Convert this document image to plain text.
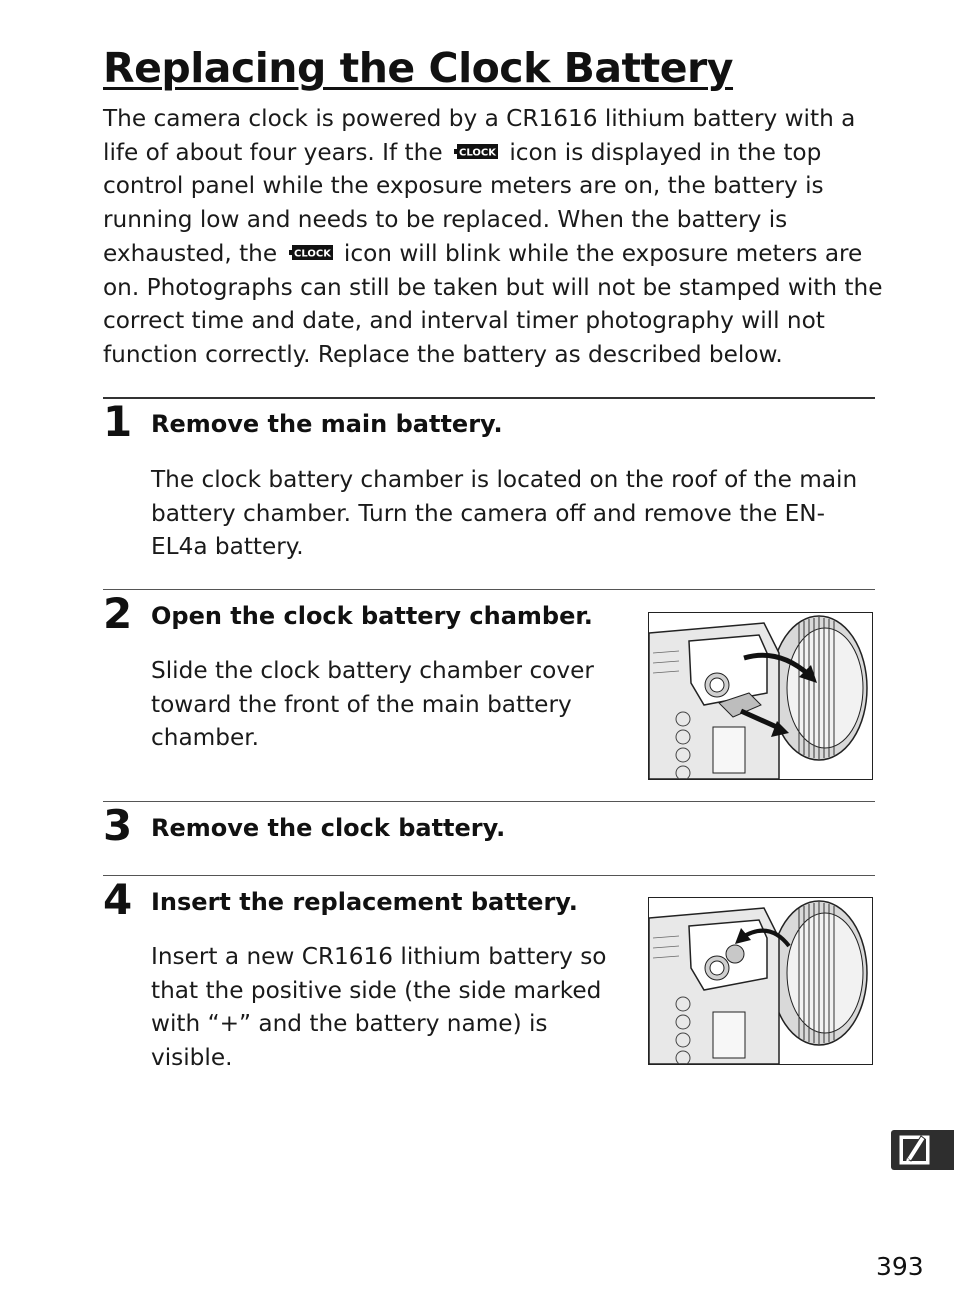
Replacing the Clock Battery

The camera clock is powered by a CR1616 lithium battery with a life of about four years. If the CLOCK icon is displayed in the top control panel while the exposure meters are on, the battery is running low and needs to be replaced. When the battery is exhausted, the CLOCK icon will blink while the exposure meters are on. Photographs can still be taken but will not be stamped with the correct time and date, and interval timer photography will not function correctly. Replace the battery as described below.

1 Remove the main battery.

The clock battery chamber is located on the roof of the main battery chamber. Turn the camera off and remove the EN-EL4a battery.

2 Open the clock battery chamber.

Slide the clock battery chamber cover toward the front of the main battery chamber.

3 Remove the clock battery.
4 Insert the replacement battery.

Insert a new CR1616 lithium battery so that the positive side (the side marked with “+” and the battery name) is visible.

393
